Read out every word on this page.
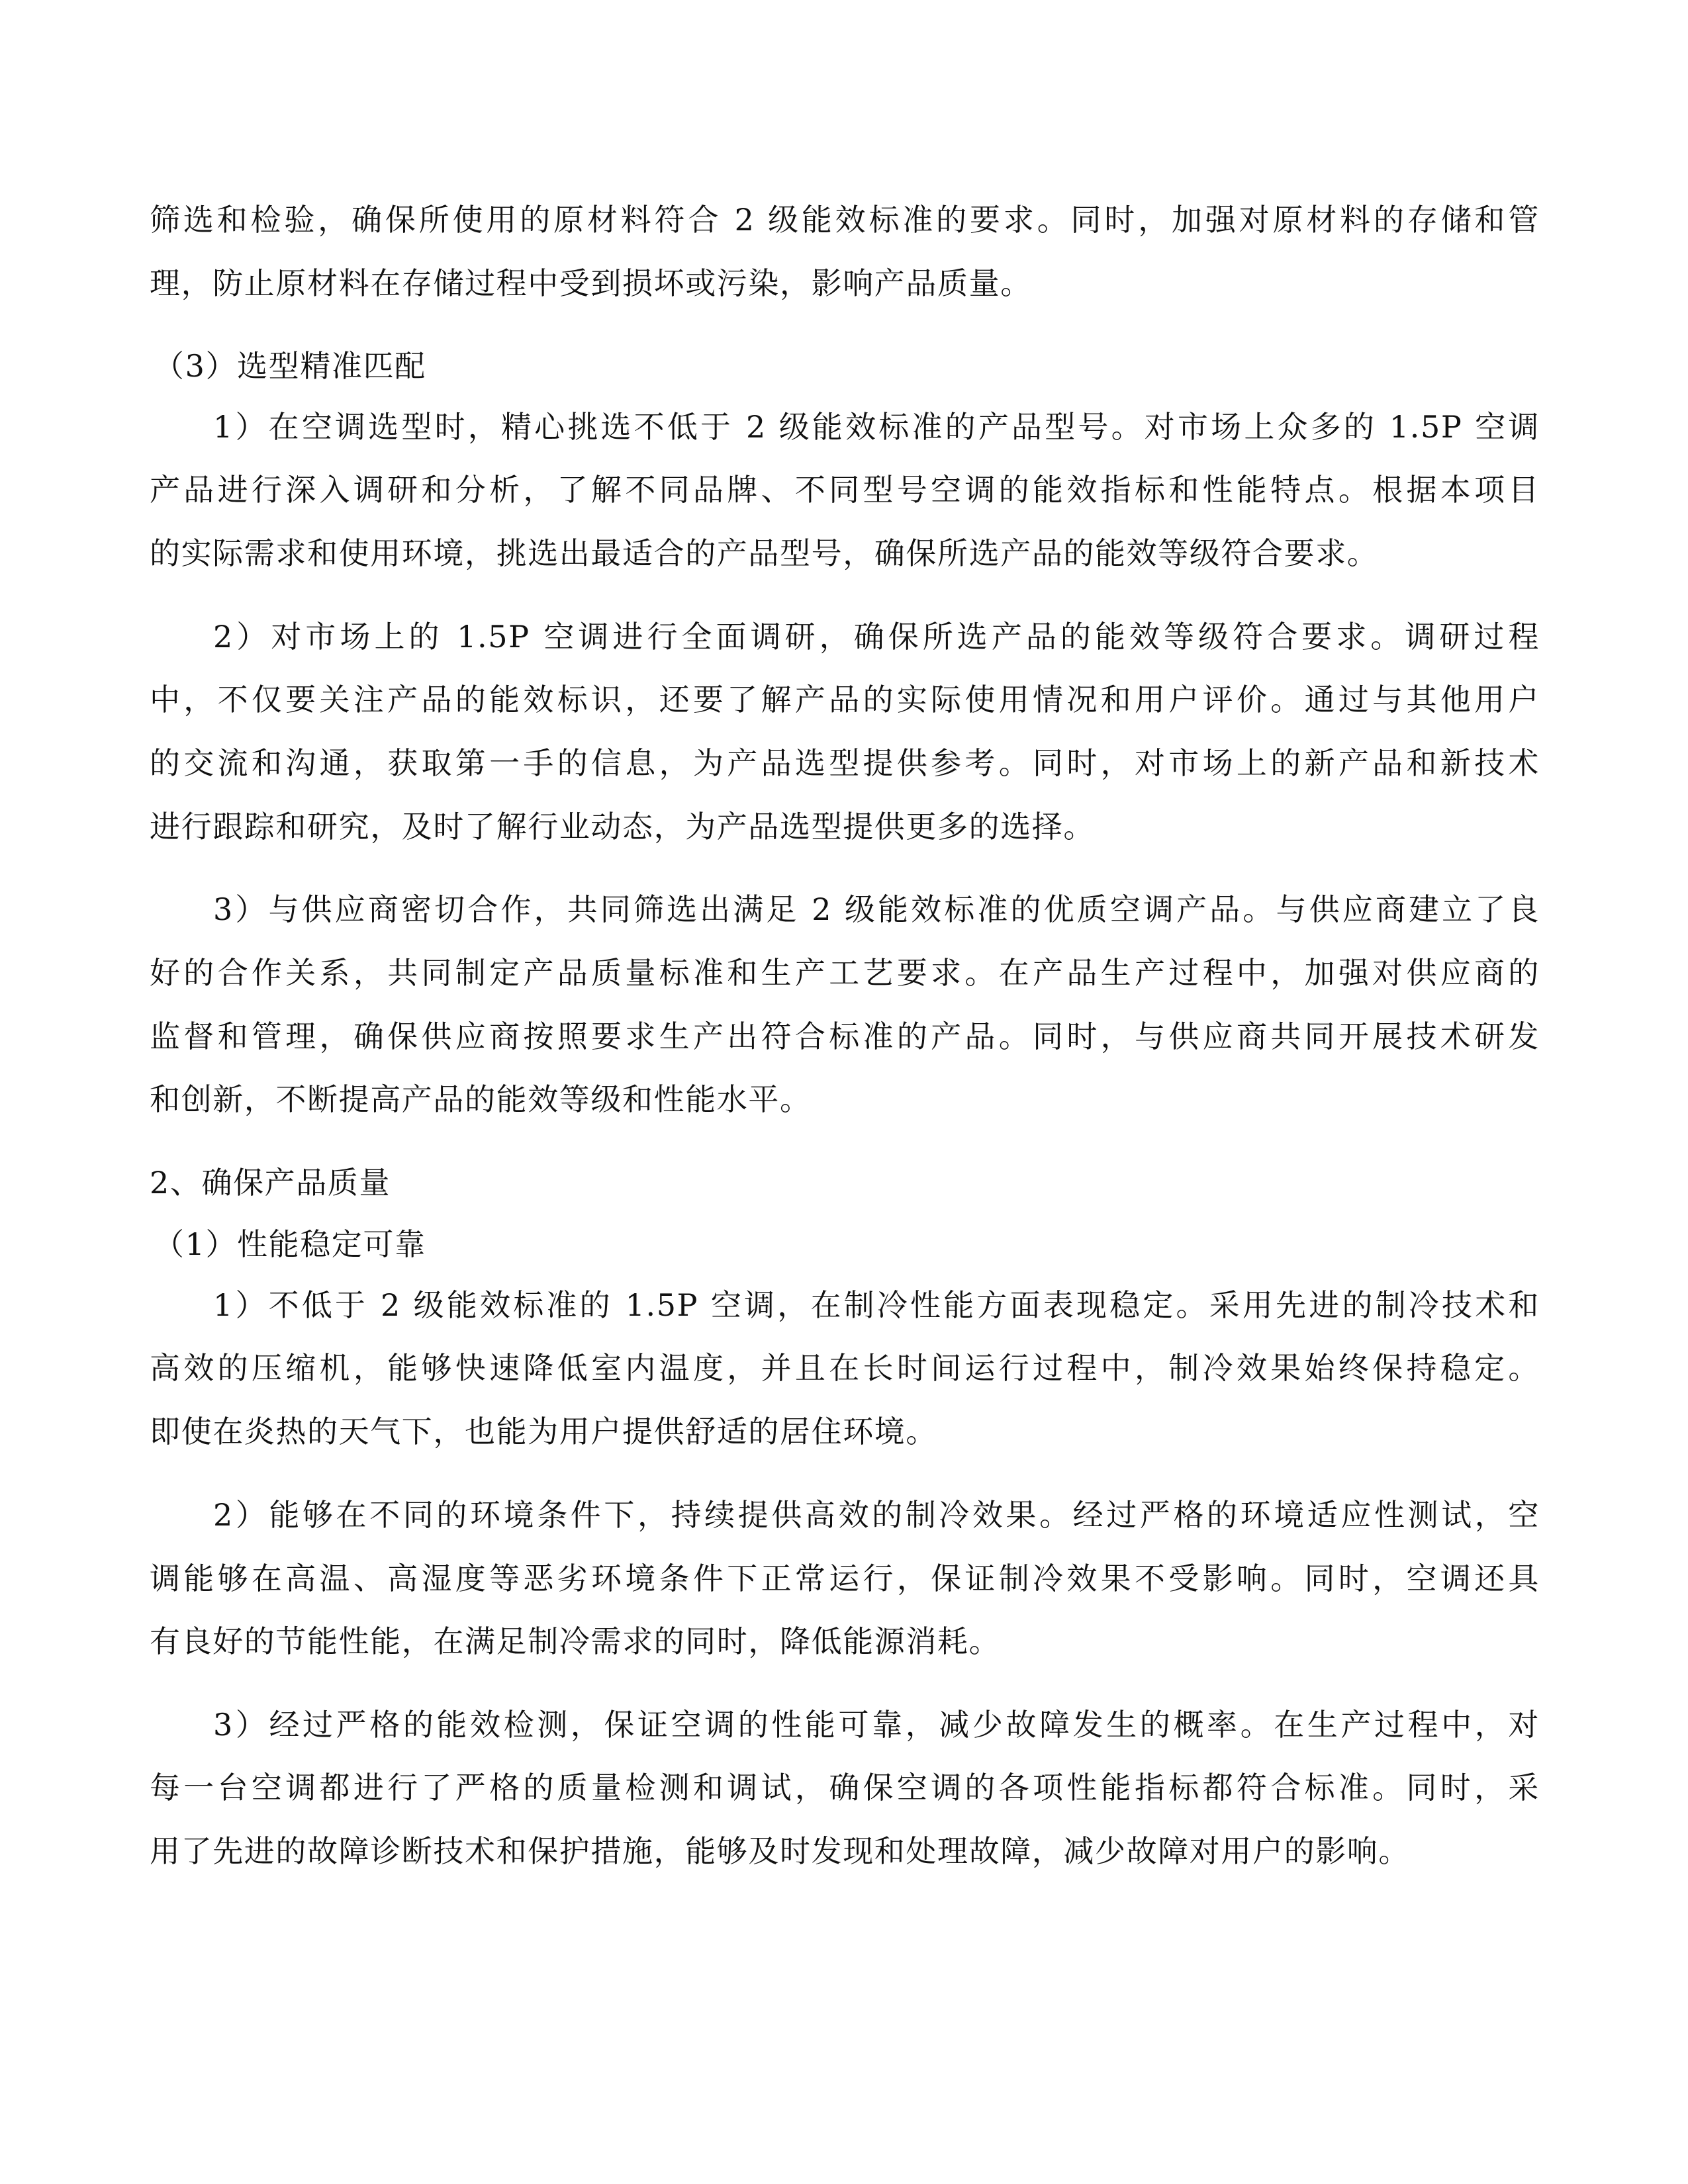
筛选和检验，确保所使用的原材料符合 2 级能效标准的要求。同时，加强对原材料的存储和管
理，防止原材料在存储过程中受到损坏或污染，影响产品质量。
（3）选型精准匹配
1）在空调选型时，精心挑选不低于 2 级能效标准的产品型号。对市场上众多的 1.5P 空调
产品进行深入调研和分析，了解不同品牌、不同型号空调的能效指标和性能特点。根据本项目
的实际需求和使用环境，挑选出最适合的产品型号，确保所选产品的能效等级符合要求。
2）对市场上的 1.5P 空调进行全面调研，确保所选产品的能效等级符合要求。调研过程
中，不仅要关注产品的能效标识，还要了解产品的实际使用情况和用户评价。通过与其他用户
的交流和沟通，获取第一手的信息，为产品选型提供参考。同时，对市场上的新产品和新技术
进行跟踪和研究，及时了解行业动态，为产品选型提供更多的选择。
3）与供应商密切合作，共同筛选出满足 2 级能效标准的优质空调产品。与供应商建立了良
好的合作关系，共同制定产品质量标准和生产工艺要求。在产品生产过程中，加强对供应商的
监督和管理，确保供应商按照要求生产出符合标准的产品。同时，与供应商共同开展技术研发
和创新，不断提高产品的能效等级和性能水平。
2、确保产品质量
（1）性能稳定可靠
1）不低于 2 级能效标准的 1.5P 空调，在制冷性能方面表现稳定。采用先进的制冷技术和
高效的压缩机，能够快速降低室内温度，并且在长时间运行过程中，制冷效果始终保持稳定。
即使在炎热的天气下，也能为用户提供舒适的居住环境。
2）能够在不同的环境条件下，持续提供高效的制冷效果。经过严格的环境适应性测试，空
调能够在高温、高湿度等恶劣环境条件下正常运行，保证制冷效果不受影响。同时，空调还具
有良好的节能性能，在满足制冷需求的同时，降低能源消耗。
3）经过严格的能效检测，保证空调的性能可靠，减少故障发生的概率。在生产过程中，对
每一台空调都进行了严格的质量检测和调试，确保空调的各项性能指标都符合标准。同时，采
用了先进的故障诊断技术和保护措施，能够及时发现和处理故障，减少故障对用户的影响。
